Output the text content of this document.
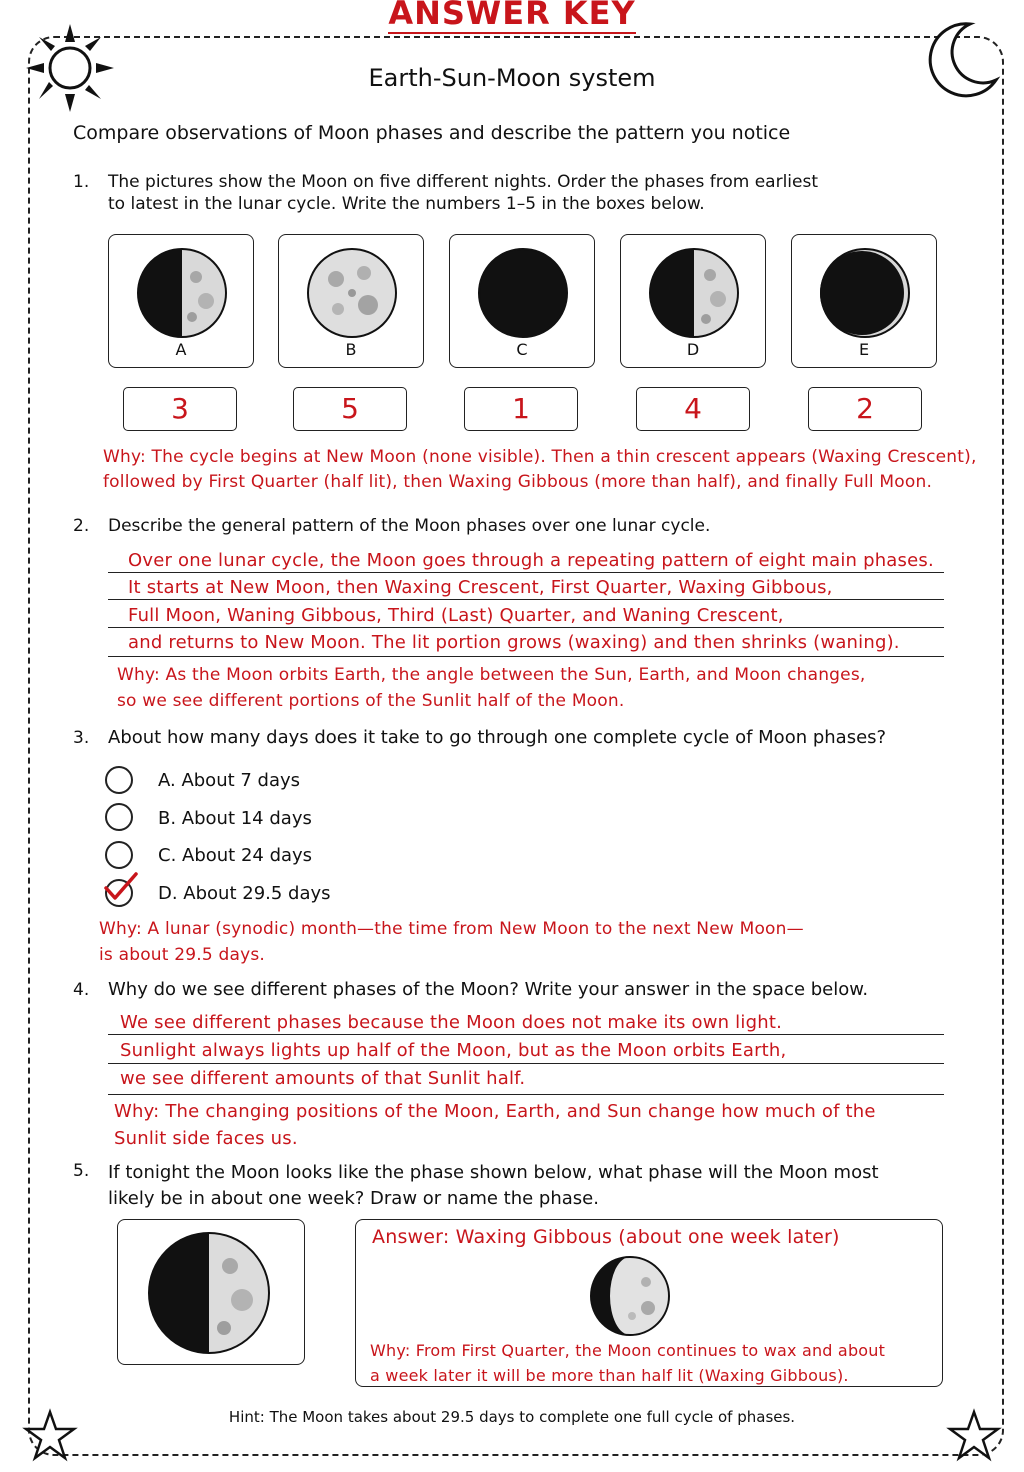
ANSWER KEY
Earth-Sun-Moon system
Compare observations of Moon phases and describe the pattern you notice
1. The pictures show the Moon on five different nights. Order the phases from earliest
to latest in the lunar cycle. Write the numbers 1–5 in the boxes below.
A	B	C	D	E
3	5	1	4	2
Why: The cycle begins at New Moon (none visible). Then a thin crescent appears (Waxing Crescent),
followed by First Quarter (half lit), then Waxing Gibbous (more than half), and finally Full Moon.
2. Describe the general pattern of the Moon phases over one lunar cycle.
Over one lunar cycle, the Moon goes through a repeating pattern of eight main phases.
It starts at New Moon, then Waxing Crescent, First Quarter, Waxing Gibbous,
Full Moon, Waning Gibbous, Third (Last) Quarter, and Waning Crescent,
and returns to New Moon. The lit portion grows (waxing) and then shrinks (waning).
Why: As the Moon orbits Earth, the angle between the Sun, Earth, and Moon changes,
so we see different portions of the Sunlit half of the Moon.
3. About how many days does it take to go through one complete cycle of Moon phases?
A. About 7 days
B. About 14 days
C. About 24 days
D. About 29.5 days
Why: A lunar (synodic) month—the time from New Moon to the next New Moon—
is about 29.5 days.
4. Why do we see different phases of the Moon? Write your answer in the space below.
We see different phases because the Moon does not make its own light.
Sunlight always lights up half of the Moon, but as the Moon orbits Earth,
we see different amounts of that Sunlit half.
Why: The changing positions of the Moon, Earth, and Sun change how much of the
Sunlit side faces us.
5. If tonight the Moon looks like the phase shown below, what phase will the Moon most
likely be in about one week? Draw or name the phase.
Answer: Waxing Gibbous (about one week later)
Why: From First Quarter, the Moon continues to wax and about
a week later it will be more than half lit (Waxing Gibbous).
Hint: The Moon takes about 29.5 days to complete one full cycle of phases.
